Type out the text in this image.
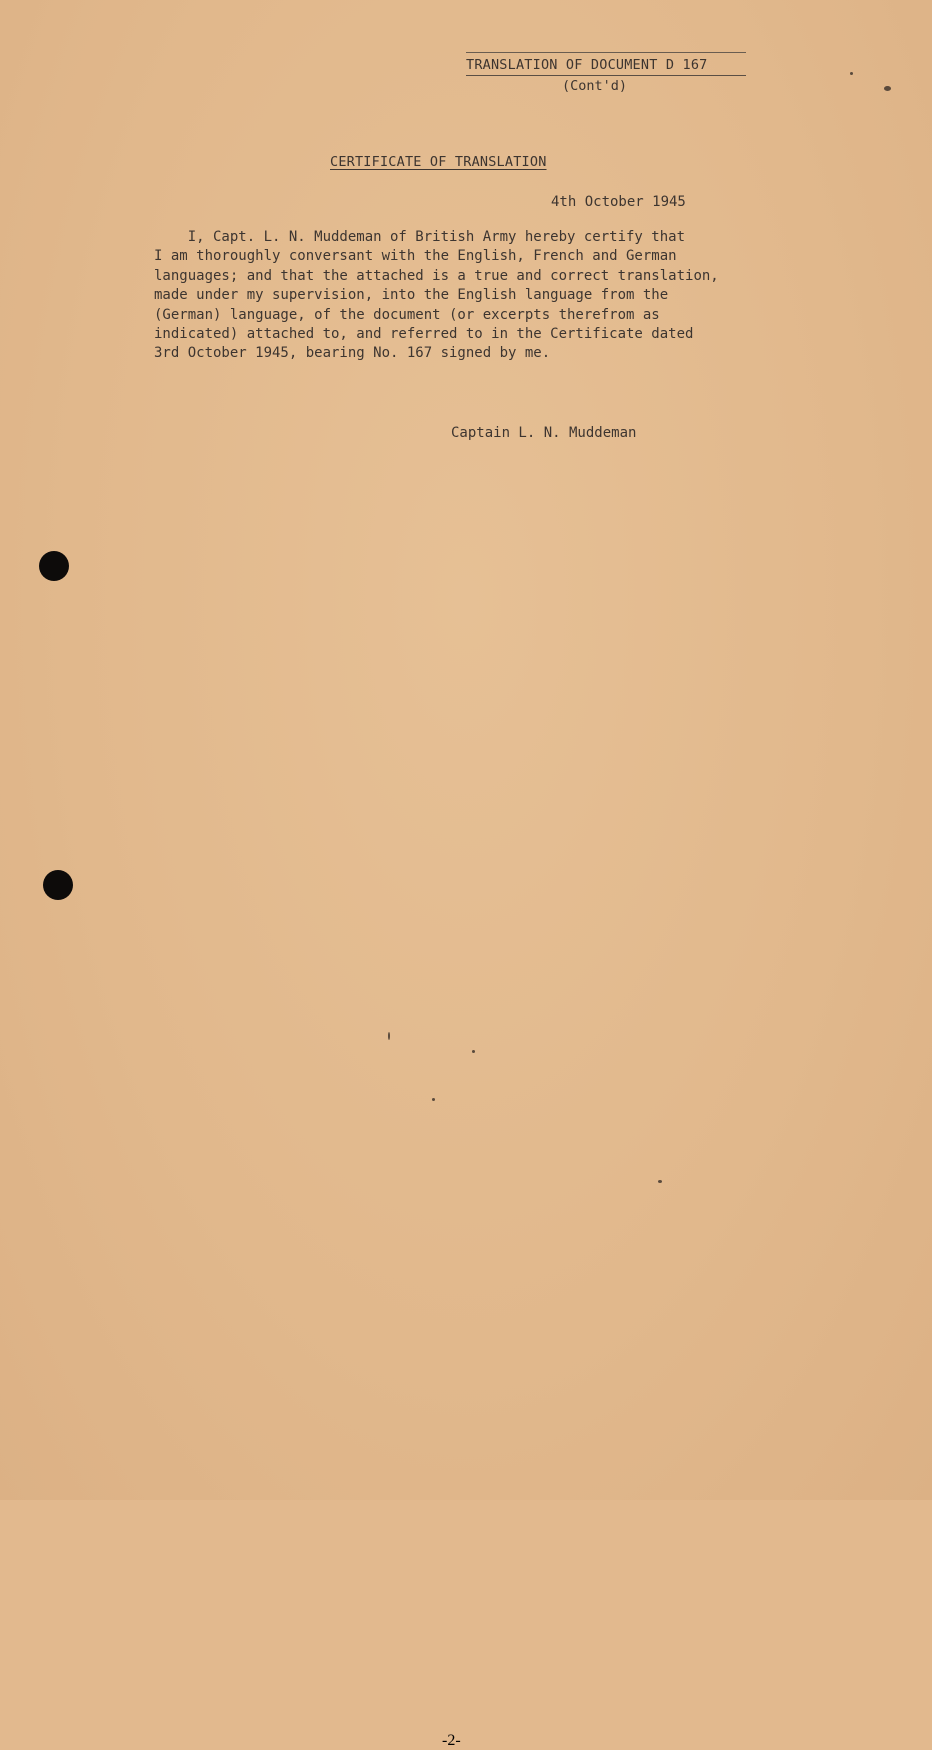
TRANSLATION OF DOCUMENT D 167
(Cont'd)
CERTIFICATE OF TRANSLATION
4th October 1945
I, Capt. L. N. Muddeman of British Army hereby certify that
I am thoroughly conversant with the English, French and German
languages; and that the attached is a true and correct translation,
made under my supervision, into the English language from the
(German) language, of the document (or excerpts therefrom as
indicated) attached to, and referred to in the Certificate dated
3rd October 1945, bearing No. 167 signed by me.
Captain L. N. Muddeman
-2-
